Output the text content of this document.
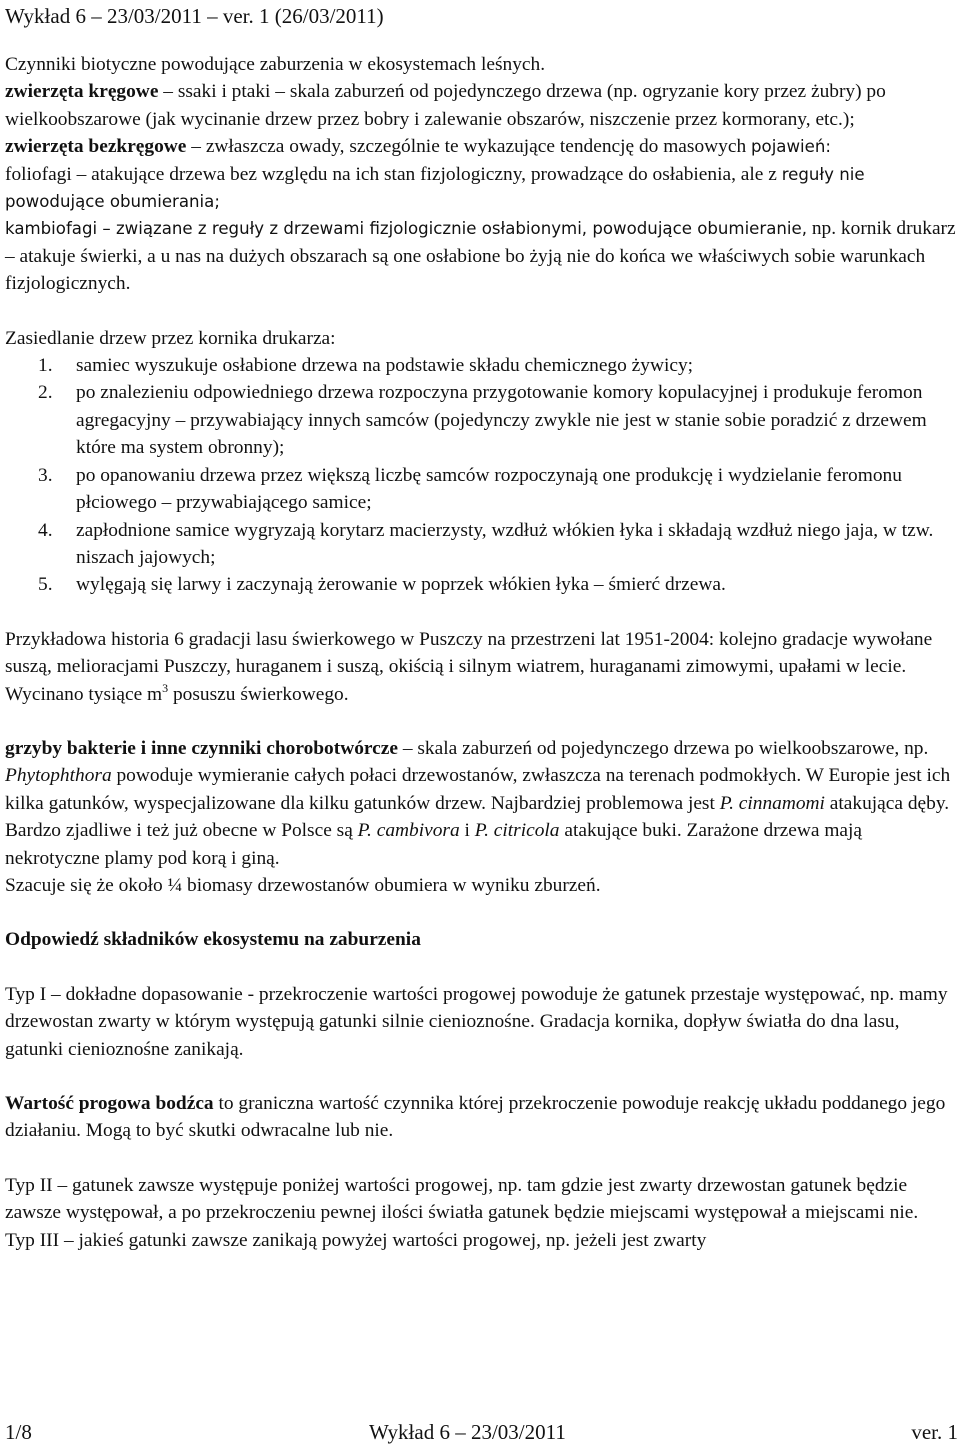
Wykład 6 – 23/03/2011 – ver. 1 (26/03/2011)

Czynniki biotyczne powodujące zaburzenia w ekosystemach leśnych.

zwierzęta kręgowe – ssaki i ptaki – skala zaburzeń od pojedynczego drzewa (np. ogryzanie kory przez żubry) po wielkoobszarowe (jak wycinanie drzew przez bobry i zalewanie obszarów, niszczenie przez kormorany, etc.);

zwierzęta bezkręgowe – zwłaszcza owady, szczególnie te wykazujące tendencję do masowych pojawień:

foliofagi – atakujące drzewa bez względu na ich stan fizjologiczny, prowadzące do osłabienia, ale z reguły nie powodujące obumierania;

kambiofagi – związane z reguły z drzewami fizjologicznie osłabionymi, powodujące obumieranie, np. kornik drukarz – atakuje świerki, a u nas na dużych obszarach są one osłabione bo żyją nie do końca we właściwych sobie warunkach fizjologicznych.

Zasiedlanie drzew przez kornika drukarza:

1. samiec wyszukuje osłabione drzewa na podstawie składu chemicznego żywicy;
2. po znalezieniu odpowiedniego drzewa rozpoczyna przygotowanie komory kopulacyjnej i produkuje feromon agregacyjny – przywabiający innych samców (pojedynczy zwykle nie jest w stanie sobie poradzić z drzewem które ma system obronny);
3. po opanowaniu drzewa przez większą liczbę samców rozpoczynają one produkcję i wydzielanie feromonu płciowego – przywabiającego samice;
4. zapłodnione samice wygryzają korytarz macierzysty, wzdłuż włókien łyka i składają wzdłuż niego jaja, w tzw. niszach jajowych;
5. wylęgają się larwy i zaczynają żerowanie w poprzek włókien łyka – śmierć drzewa.

Przykładowa historia 6 gradacji lasu świerkowego w Puszczy na przestrzeni lat 1951-2004: kolejno gradacje wywołane suszą, melioracjami Puszczy, huraganem i suszą, okiścią i silnym wiatrem, huraganami zimowymi, upałami w lecie. Wycinano tysiące $m^3$ posuszu świerkowego.

grzyby bakterie i inne czynniki chorobotwórcze – skala zaburzeń od pojedynczego drzewa po wielkoobszarowe, np. Phytophthora powoduje wymieranie całych połaci drzewostanów, zwłaszcza na terenach podmokłych. W Europie jest ich kilka gatunków, wyspecjalizowane dla kilku gatunków drzew. Najbardziej problemowa jest P. cinnamomi atakująca dęby. Bardzo zjadliwe i też już obecne w Polsce są P. cambivora i P. citricola atakujące buki. Zarażone drzewa mają nekrotyczne plamy pod korą i giną.

Szacuje się że około ¼ biomasy drzewostanów obumiera w wyniku zburzeń.

Odpowiedź składników ekosystemu na zaburzenia

Typ I – dokładne dopasowanie - przekroczenie wartości progowej powoduje że gatunek przestaje występować, np. mamy drzewostan zwarty w którym występują gatunki silnie cienioznośne. Gradacja kornika, dopływ światła do dna lasu, gatunki cienioznośne zanikają.

Wartość progowa bodźca to graniczna wartość czynnika której przekroczenie powoduje reakcję układu poddanego jego działaniu. Mogą to być skutki odwracalne lub nie.

Typ II – gatunek zawsze występuje poniżej wartości progowej, np. tam gdzie jest zwarty drzewostan gatunek będzie zawsze występował, a po przekroczeniu pewnej ilości światła gatunek będzie miejscami występował a miejscami nie.

Typ III – jakieś gatunki zawsze zanikają powyżej wartości progowej, np. jeżeli jest zwarty

1/8	Wykład 6 – 23/03/2011	ver. 1
